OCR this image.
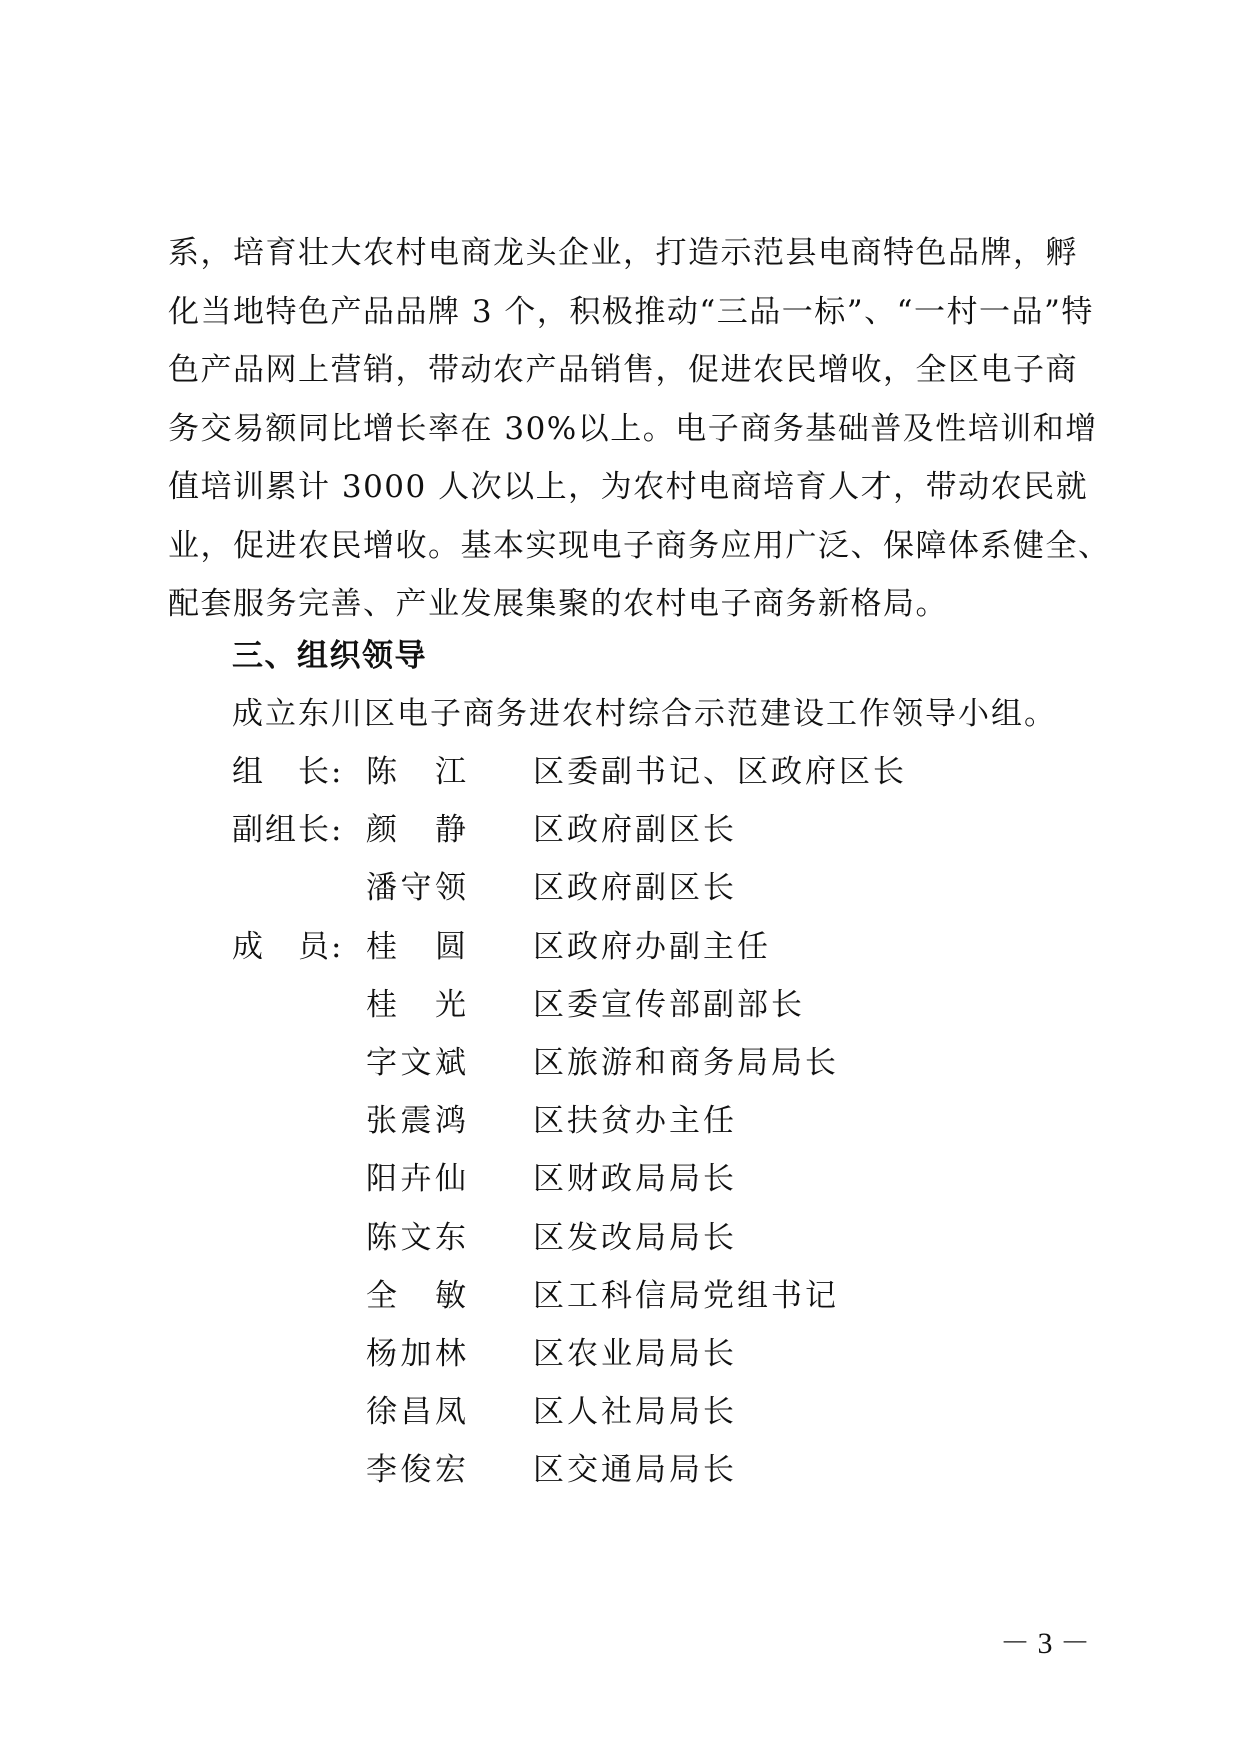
系，培育壮大农村电商龙头企业，打造示范县电商特色品牌，孵
化当地特色产品品牌 3 个，积极推动“三品一标”、“一村一品”特
色产品网上营销，带动农产品销售，促进农民增收，全区电子商
务交易额同比增长率在 30%以上。电子商务基础普及性培训和增
值培训累计 3000 人次以上，为农村电商培育人才，带动农民就
业，促进农民增收。基本实现电子商务应用广泛、保障体系健全、
配套服务完善、产业发展集聚的农村电子商务新格局。
三、组织领导
成立东川区电子商务进农村综合示范建设工作领导小组。
组　长: 陈江 区委副书记、区政府区长
副组长: 颜静 区政府副区长
潘守领 区政府副区长
成　员: 桂圆 区政府办副主任
桂光 区委宣传部副部长
字文斌 区旅游和商务局局长
张震鸿 区扶贫办主任
阳卉仙 区财政局局长
陈文东 区发改局局长
全敏 区工科信局党组书记
杨加林 区农业局局长
徐昌凤 区人社局局长
李俊宏 区交通局局长
－ 3 －
